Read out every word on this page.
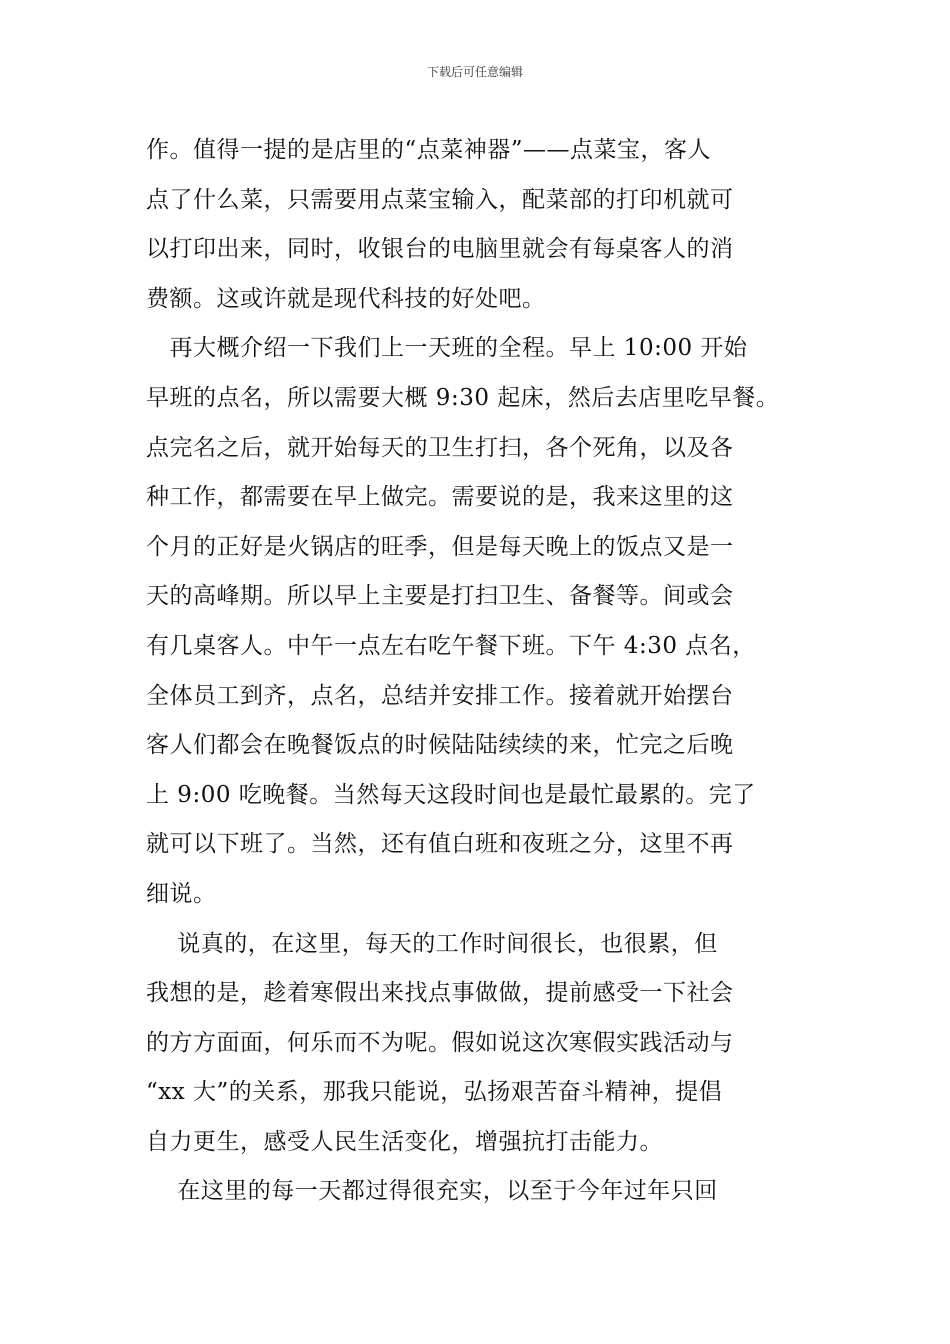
下载后可任意编辑
作。值得一提的是店里的“点菜神器”——点菜宝，客人
点了什么菜，只需要用点菜宝输入，配菜部的打印机就可
以打印出来，同时，收银台的电脑里就会有每桌客人的消
费额。这或许就是现代科技的好处吧。
　再大概介绍一下我们上一天班的全程。早上 10:00 开始
早班的点名，所以需要大概 9:30 起床，然后去店里吃早餐。
点完名之后，就开始每天的卫生打扫，各个死角，以及各
种工作，都需要在早上做完。需要说的是，我来这里的这
个月的正好是火锅店的旺季，但是每天晚上的饭点又是一
天的高峰期。所以早上主要是打扫卫生、备餐等。间或会
有几桌客人。中午一点左右吃午餐下班。下午 4:30 点名，
全体员工到齐，点名，总结并安排工作。接着就开始摆台
客人们都会在晚餐饭点的时候陆陆续续的来，忙完之后晚
上 9:00 吃晚餐。当然每天这段时间也是最忙最累的。完了
就可以下班了。当然，还有值白班和夜班之分，这里不再
细说。
　 说真的，在这里，每天的工作时间很长，也很累，但
我想的是，趁着寒假出来找点事做做，提前感受一下社会
的方方面面，何乐而不为呢。假如说这次寒假实践活动与
“xx 大”的关系，那我只能说，弘扬艰苦奋斗精神，提倡
自力更生，感受人民生活变化，增强抗打击能力。
　 在这里的每一天都过得很充实，以至于今年过年只回
